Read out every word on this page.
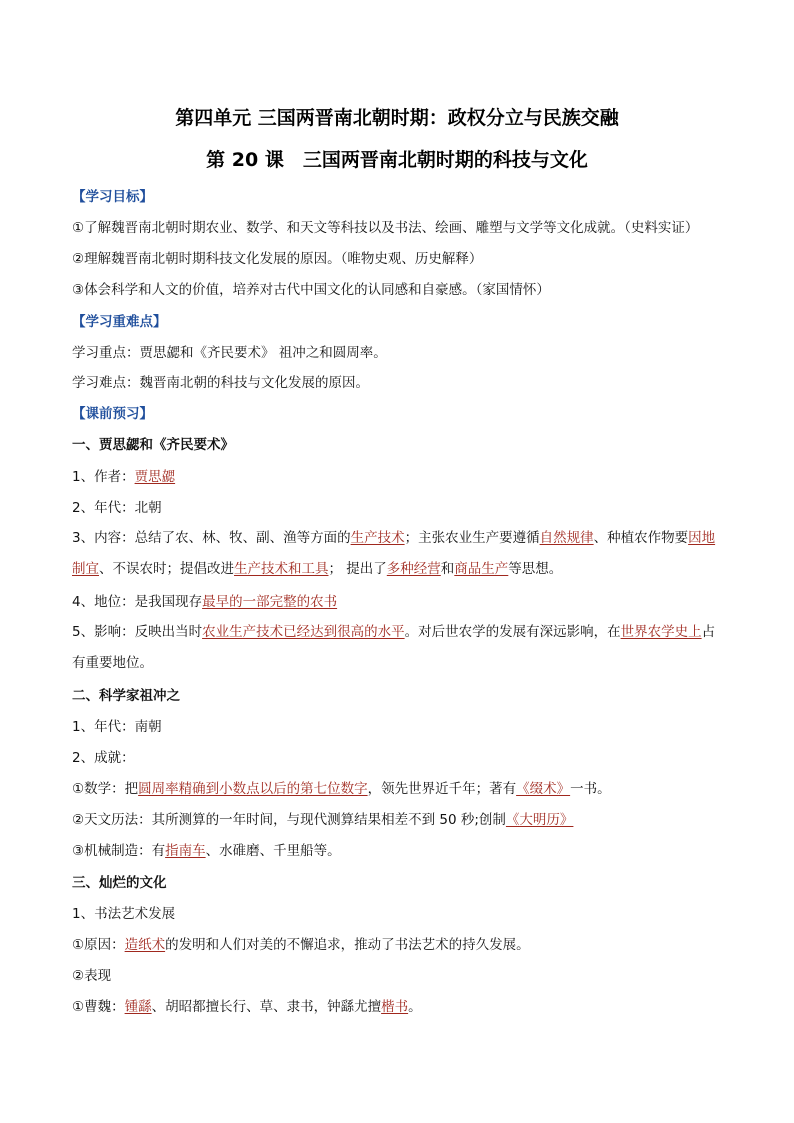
第四单元 三国两晋南北朝时期：政权分立与民族交融
第 20 课　三国两晋南北朝时期的科技与文化
【学习目标】
①了解魏晋南北朝时期农业、数学、和天文等科技以及书法、绘画、雕塑与文学等文化成就。（史料实证）
②理解魏晋南北朝时期科技文化发展的原因。（唯物史观、历史解释）
③体会科学和人文的价值，培养对古代中国文化的认同感和自豪感。（家国情怀）
【学习重难点】
学习重点：贾思勰和《齐民要术》 祖冲之和圆周率。
学习难点：魏晋南北朝的科技与文化发展的原因。
【课前预习】
一、贾思勰和《齐民要术》
1、作者：贾思勰
2、年代：北朝
3、内容：总结了农、林、牧、副、渔等方面的生产技术；主张农业生产要遵循自然规律、种植农作物要因地制宜、不误农时；提倡改进生产技术和工具； 提出了多种经营和商品生产等思想。
4、地位：是我国现存最早的一部完整的农书
5、影响：反映出当时农业生产技术已经达到很高的水平。对后世农学的发展有深远影响，在世界农学史上占有重要地位。
二、科学家祖冲之
1、年代：南朝
2、成就：
①数学：把圆周率精确到小数点以后的第七位数字，领先世界近千年；著有《缀术》一书。
②天文历法：其所测算的一年时间，与现代测算结果相差不到 50 秒;创制《大明历》
③机械制造：有指南车、水碓磨、千里船等。
三、灿烂的文化
1、书法艺术发展
①原因：造纸术的发明和人们对美的不懈追求，推动了书法艺术的持久发展。
②表现
①曹魏：锺繇、胡昭都擅长行、草、隶书，钟繇尤擅楷书。
